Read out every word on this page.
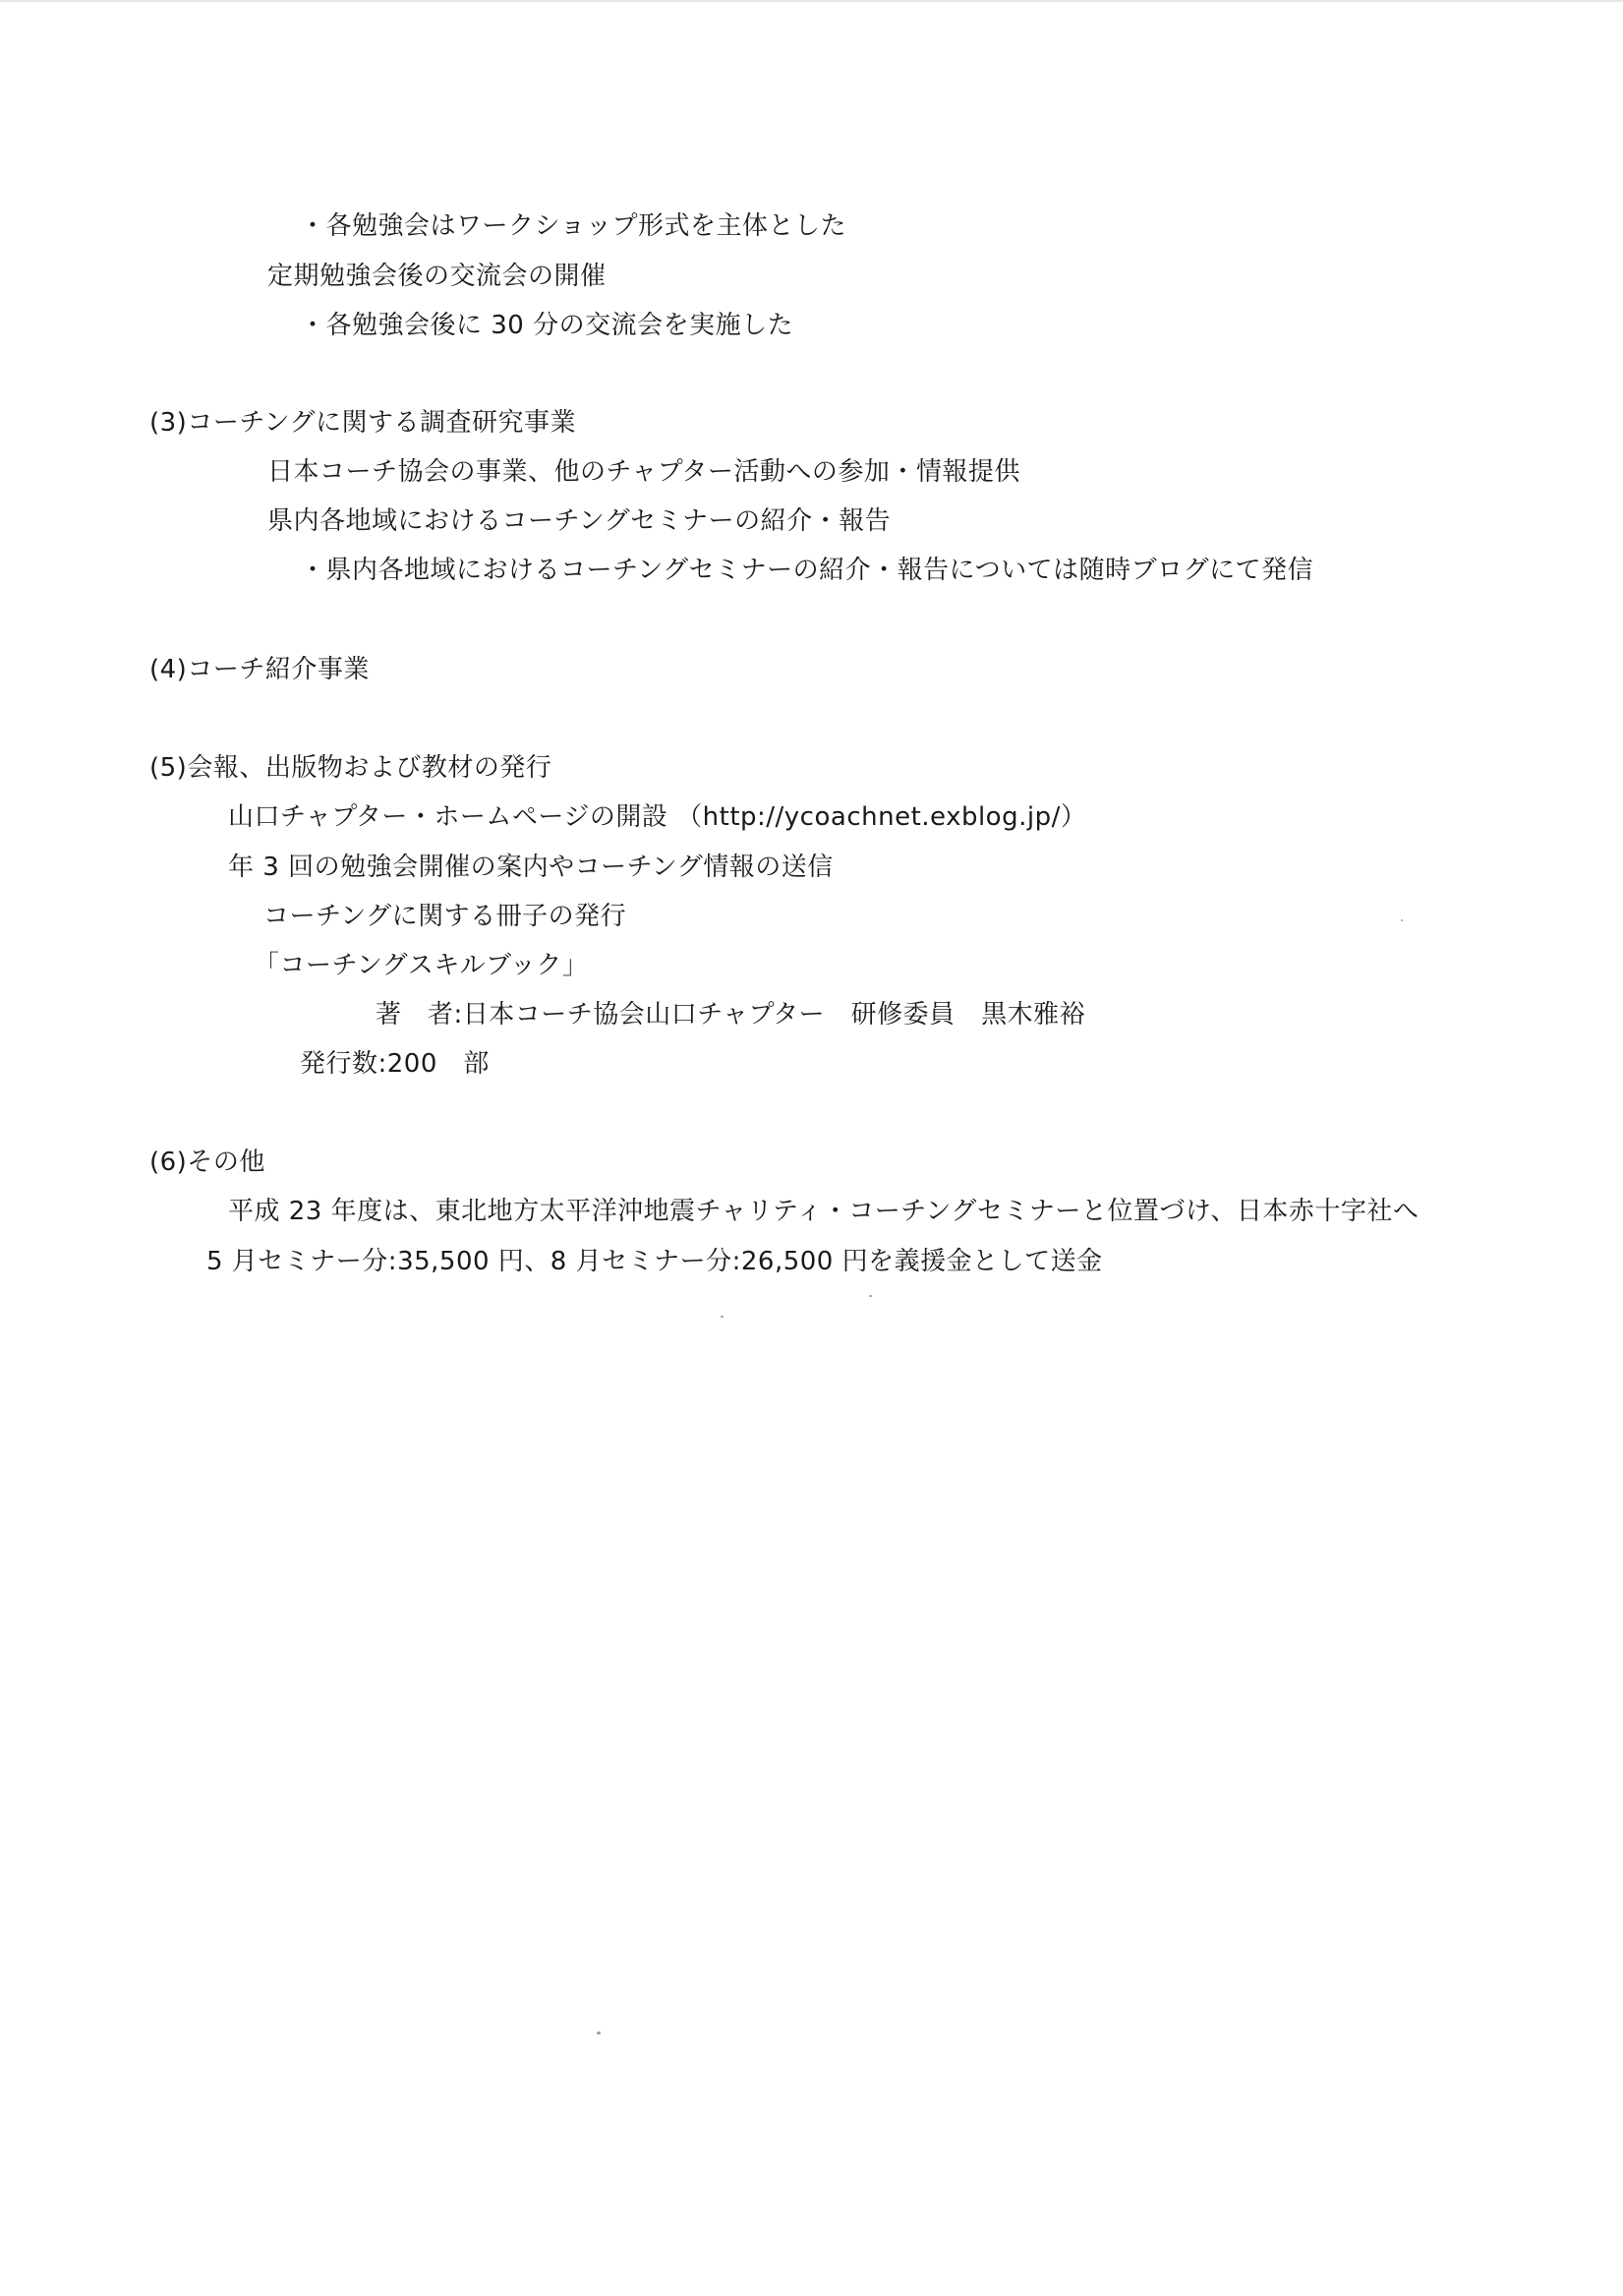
・各勉強会はワークショップ形式を主体とした
定期勉強会後の交流会の開催
・各勉強会後に 30 分の交流会を実施した
(3)コーチングに関する調査研究事業
日本コーチ協会の事業、他のチャプター活動への参加・情報提供
県内各地域におけるコーチングセミナーの紹介・報告
・県内各地域におけるコーチングセミナーの紹介・報告については随時ブログにて発信
(4)コーチ紹介事業
(5)会報、出版物および教材の発行
山口チャプター・ホームページの開設 （http://ycoachnet.exblog.jp/）
年 3 回の勉強会開催の案内やコーチング情報の送信
コーチングに関する冊子の発行
「コーチングスキルブック」
著　者:日本コーチ協会山口チャプター　研修委員　黒木雅裕
発行数:200　部
(6)その他
平成 23 年度は、東北地方太平洋沖地震チャリティ・コーチングセミナーと位置づけ、日本赤十字社へ
5 月セミナー分:35,500 円、8 月セミナー分:26,500 円を義援金として送金
